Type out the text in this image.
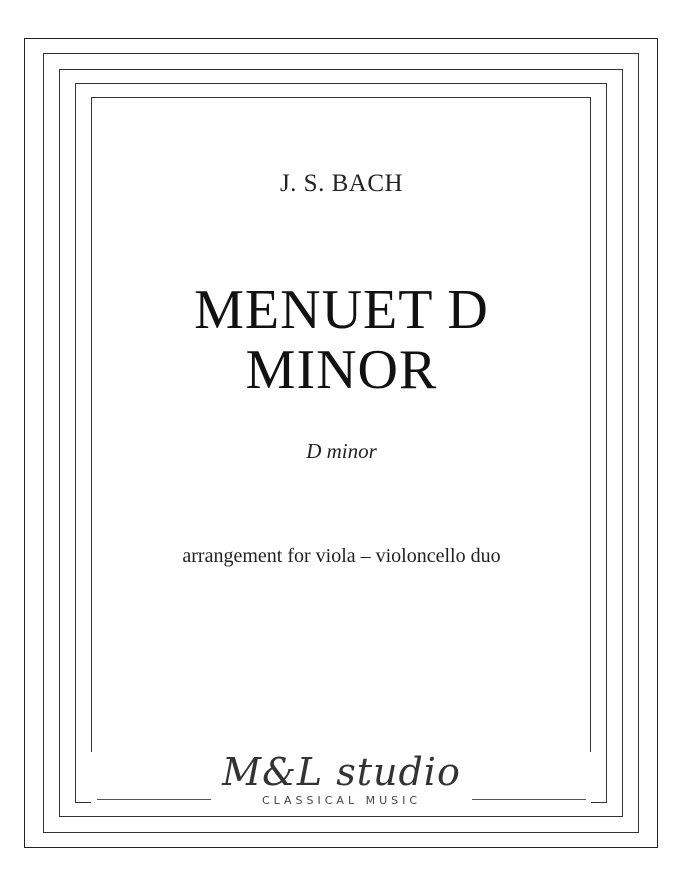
J. S. BACH
MENUET D
MINOR
D minor
arrangement for viola – violoncello duo
M&L studio
CLASSICAL MUSIC
